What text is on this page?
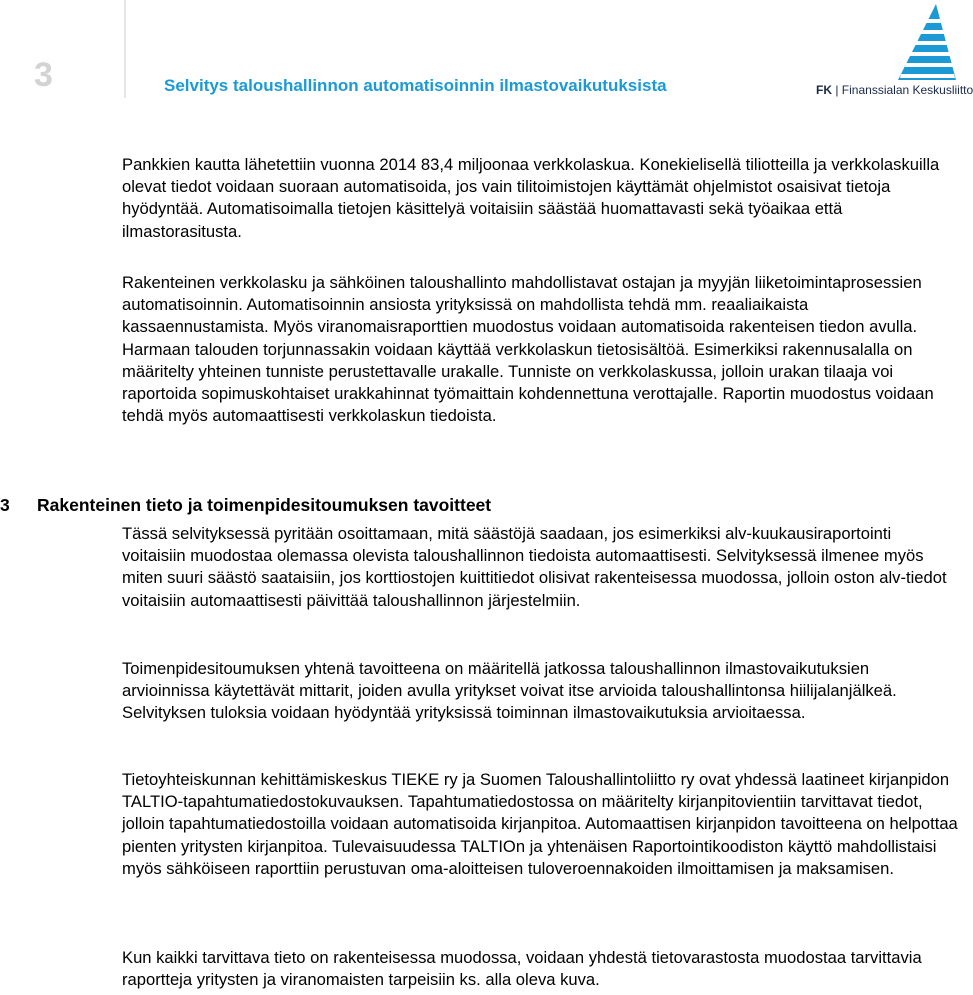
3	Selvitys taloushallinnon automatisoinnin ilmastovaikutuksista	FK | Finanssialan Keskusliitto

Pankkien kautta lähetettiin vuonna 2014 83,4 miljoonaa verkkolaskua. Konekielisellä tiliotteilla ja verkkolaskuilla olevat tiedot voidaan suoraan automatisoida, jos vain tilitoimistojen käyttämät ohjelmistot osaisivat tietoja hyödyntää. Automatisoimalla tietojen käsittelyä voitaisiin säästää huomattavasti sekä työaikaa että ilmastorasitusta.

Rakenteinen verkkolasku ja sähköinen taloushallinto mahdollistavat ostajan ja myyjän liiketoimintaprosessien automatisoinnin. Automatisoinnin ansiosta yrityksissä on mahdollista tehdä mm. reaaliaikaista kassaennustamista. Myös viranomaisraporttien muodostus voidaan automatisoida rakenteisen tiedon avulla. Harmaan talouden torjunnassakin voidaan käyttää verkkolaskun tietosisältöä. Esimerkiksi rakennusalalla on määritelty yhteinen tunniste perustettavalle urakalle. Tunniste on verkkolaskussa, jolloin urakan tilaaja voi raportoida sopimuskohtaiset urakkahinnat työmaittain kohdennettuna verottajalle. Raportin muodostus voidaan tehdä myös automaattisesti verkkolaskun tiedoista.

3 Rakenteinen tieto ja toimenpidesitoumuksen tavoitteet

Tässä selvityksessä pyritään osoittamaan, mitä säästöjä saadaan, jos esimerkiksi alv-kuukausiraportointi voitaisiin muodostaa olemassa olevista taloushallinnon tiedoista automaattisesti. Selvityksessä ilmenee myös miten suuri säästö saataisiin, jos korttiostojen kuittitiedot olisivat rakenteisessa muodossa, jolloin oston alv-tiedot voitaisiin automaattisesti päivittää taloushallinnon järjestelmiin.

Toimenpidesitoumuksen yhtenä tavoitteena on määritellä jatkossa taloushallinnon ilmastovaikutuksien arvioinnissa käytettävät mittarit, joiden avulla yritykset voivat itse arvioida taloushallintonsa hiilijalanjälkeä. Selvityksen tuloksia voidaan hyödyntää yrityksissä toiminnan ilmastovaikutuksia arvioitaessa.

Tietoyhteiskunnan kehittämiskeskus TIEKE ry ja Suomen Taloushallintoliitto ry ovat yhdessä laatineet kirjanpidon TALTIO-tapahtumatiedostokuvauksen. Tapahtumatiedostossa on määritelty kirjanpitovientiin tarvittavat tiedot, jolloin tapahtumatiedostoilla voidaan automatisoida kirjanpitoa. Automaattisen kirjanpidon tavoitteena on helpottaa pienten yritysten kirjanpitoa. Tulevaisuudessa TALTIOn ja yhtenäisen Raportointikoodiston käyttö mahdollistaisi myös sähköiseen raporttiin perustuvan oma-aloitteisen tuloveroennakoiden ilmoittamisen ja maksamisen.

Kun kaikki tarvittava tieto on rakenteisessa muodossa, voidaan yhdestä tietovarastosta muodostaa tarvittavia raportteja yritysten ja viranomaisten tarpeisiin ks. alla oleva kuva.
